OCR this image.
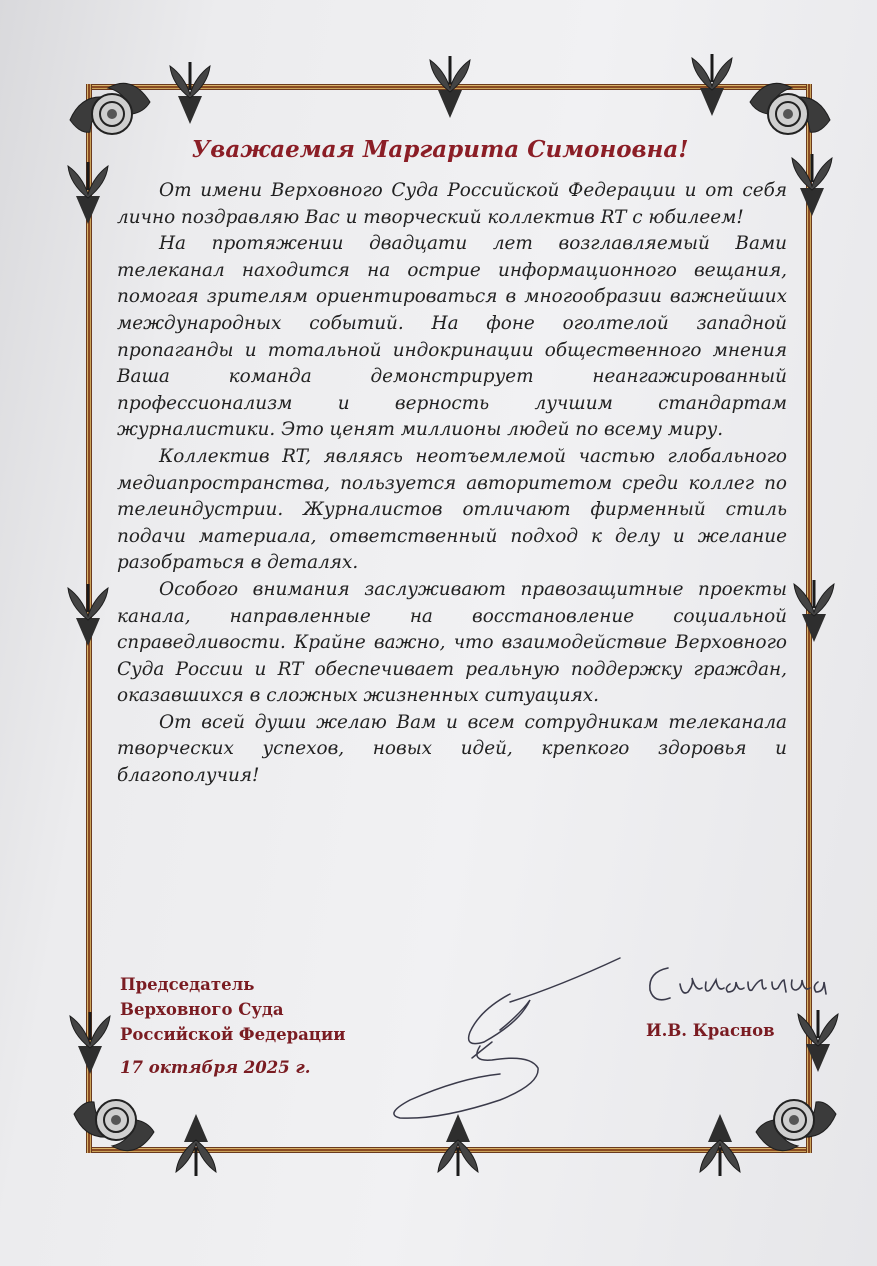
Уважаемая Маргарита Симоновна!

От имени Верховного Суда Российской Федерации и от себя лично поздравляю Вас и творческий коллектив RT с юбилеем!

На протяжении двадцати лет возглавляемый Вами телеканал находится на острие информационного вещания, помогая зрителям ориентироваться в многообразии важнейших международных событий. На фоне оголтелой западной пропаганды и тотальной индокринации общественного мнения Ваша команда демонстрирует неангажированный профессионализм и верность лучшим стандартам журналистики. Это ценят миллионы людей по всему миру.

Коллектив RT, являясь неотъемлемой частью глобального медиапространства, пользуется авторитетом среди коллег по телеиндустрии. Журналистов отличают фирменный стиль подачи материала, ответственный подход к делу и желание разобраться в деталях.

Особого внимания заслуживают правозащитные проекты канала, направленные на восстановление социальной справедливости. Крайне важно, что взаимодействие Верховного Суда России и RT обеспечивает реальную поддержку граждан, оказавшихся в сложных жизненных ситуациях.

От всей души желаю Вам и всем сотрудникам телеканала творческих успехов, новых идей, крепкого здоровья и благополучия!

Председатель
Верховного Суда
Российской Федерации
17 октября 2025 г.
И.В. Краснов
